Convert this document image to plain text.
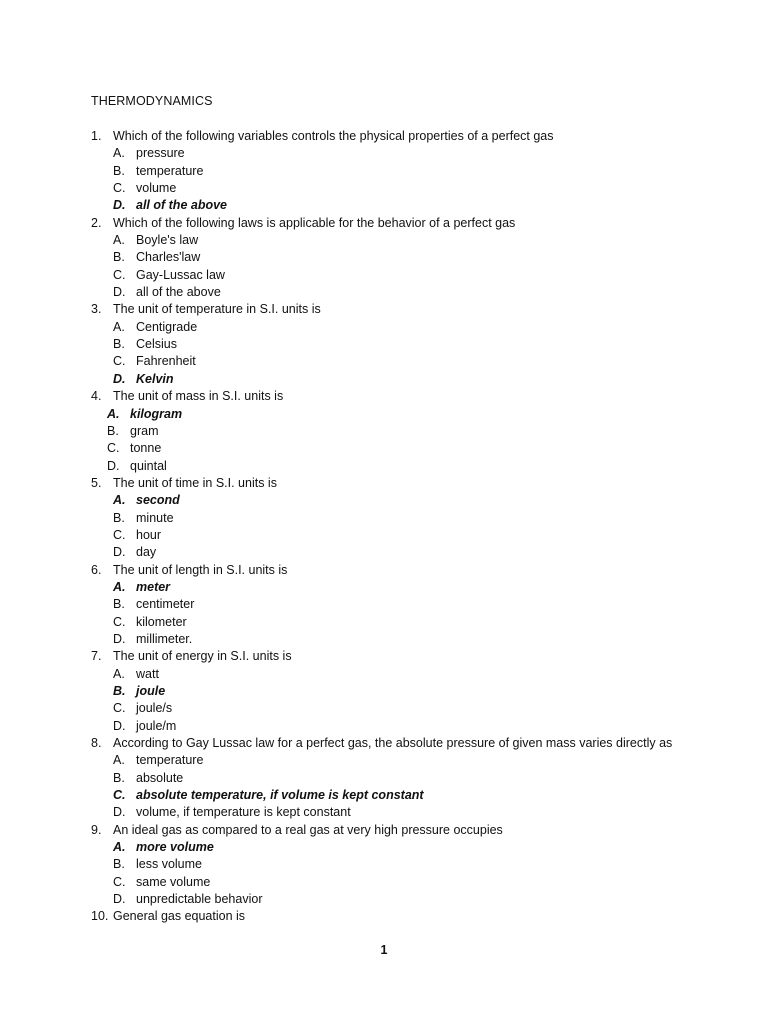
THERMODYNAMICS
1. Which of the following variables controls the physical properties of a perfect gas
A. pressure
B. temperature
C. volume
D. all of the above
2. Which of the following laws is applicable for the behavior of a perfect gas
A. Boyle's law
B. Charles'law
C. Gay-Lussac law
D. all of the above
3. The unit of temperature in S.I. units is
A. Centigrade
B. Celsius
C. Fahrenheit
D. Kelvin
4. The unit of mass in S.I. units is
A. kilogram
B. gram
C. tonne
D. quintal
5. The unit of time in S.I. units is
A. second
B. minute
C. hour
D. day
6. The unit of length in S.I. units is
A. meter
B. centimeter
C. kilometer
D. millimeter.
7. The unit of energy in S.I. units is
A. watt
B. joule
C. joule/s
D. joule/m
8. According to Gay Lussac law for a perfect gas, the absolute pressure of given mass varies directly as
A. temperature
B. absolute
C. absolute temperature, if volume is kept constant
D. volume, if temperature is kept constant
9. An ideal gas as compared to a real gas at very high pressure occupies
A. more volume
B. less volume
C. same volume
D. unpredictable behavior
10. General gas equation is
1
